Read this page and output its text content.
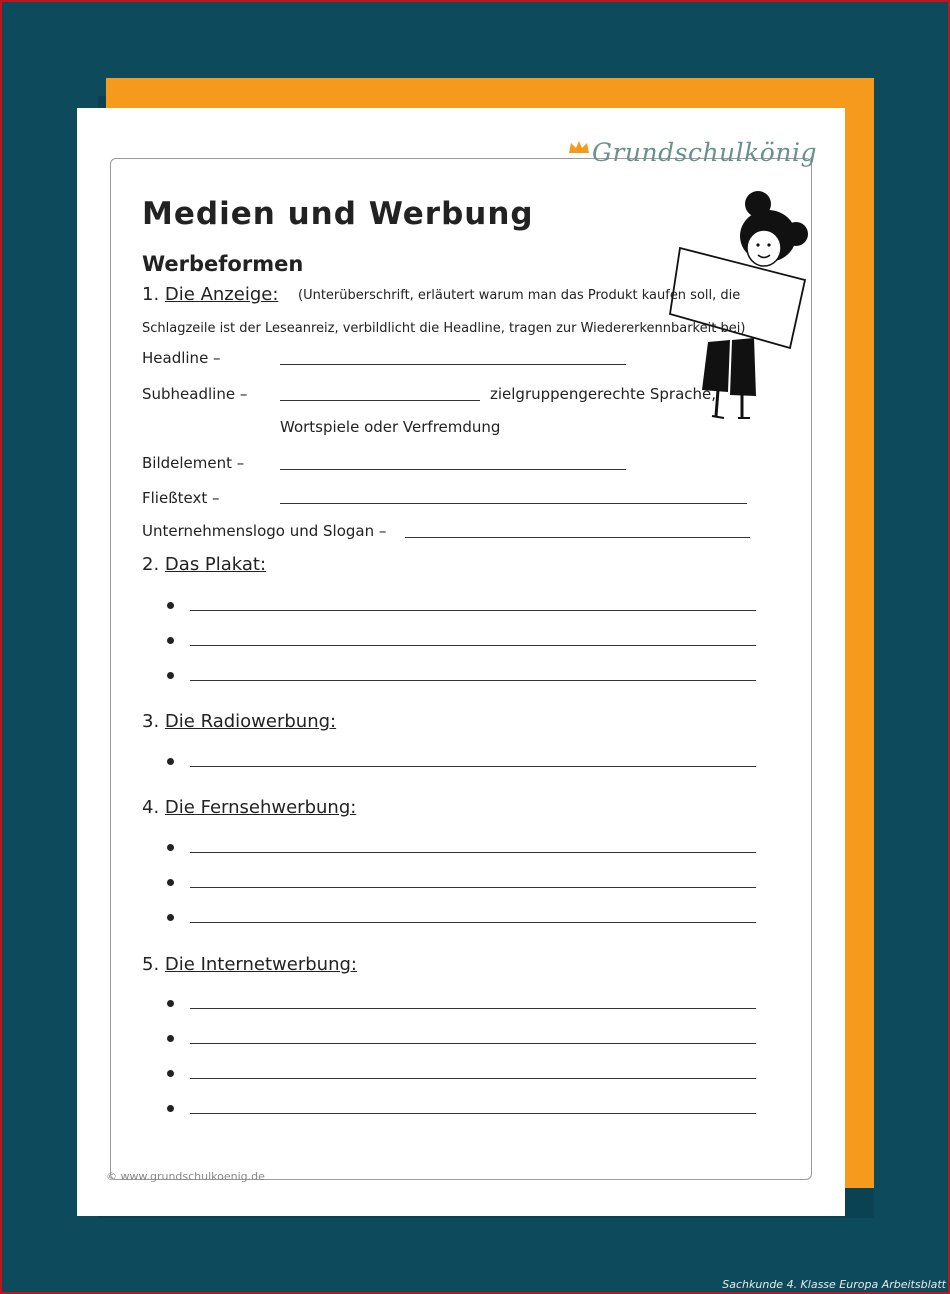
Grundschulkönig
Medien und Werbung
Werbeformen
1. Die Anzeige: (Unterüberschrift, erläutert warum man das Produkt kaufen soll, die
Schlagzeile ist der Leseanreiz, verbildlicht die Headline, tragen zur Wiedererkennbarkeit bei)
Headline –
Subheadline –	zielgruppengerechte Sprache,
Wortspiele oder Verfremdung
Bildelement –
Fließtext –
Unternehmenslogo und Slogan –
2. Das Plakat:
3. Die Radiowerbung:
4. Die Fernsehwerbung:
5. Die Internetwerbung:
© www.grundschulkoenig.de
Sachkunde 4. Klasse Europa Arbeitsblatt
